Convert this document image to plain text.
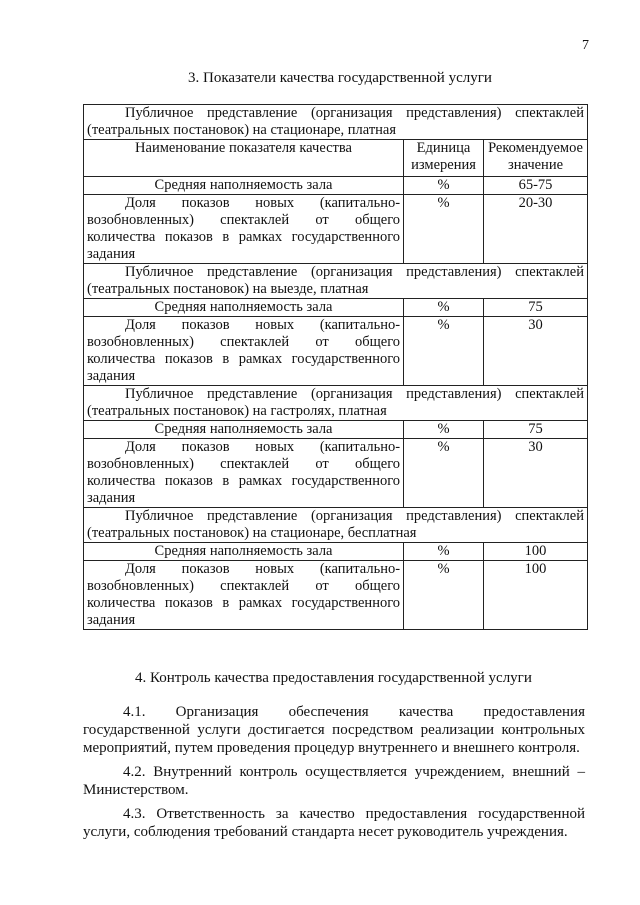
7
3. Показатели качества государственной услуги
Публичное представление (организация представления) спектаклей (театральных постановок) на стационаре, платная		
Наименование показателя качества	Единица измерения	Рекомендуемое значение
Средняя наполняемость зала	%	65-75
Доля показов новых (капитально-возобновленных) спектаклей от общего количества показов в рамках государственного задания	%	20-30
Публичное представление (организация представления) спектаклей (театральных постановок) на выезде, платная		
Средняя наполняемость зала	%	75
Доля показов новых (капитально-возобновленных) спектаклей от общего количества показов в рамках государственного задания	%	30
Публичное представление (организация представления) спектаклей (театральных постановок) на гастролях, платная		
Средняя наполняемость зала	%	75
Доля показов новых (капитально-возобновленных) спектаклей от общего количества показов в рамках государственного задания	%	30
Публичное представление (организация представления) спектаклей (театральных постановок) на стационаре, бесплатная		
Средняя наполняемость зала	%	100
Доля показов новых (капитально-возобновленных) спектаклей от общего количества показов в рамках государственного задания	%	100
4. Контроль качества предоставления государственной услуги

4.1. Организация обеспечения качества предоставления государственной услуги достигается посредством реализации контрольных мероприятий, путем проведения процедур внутреннего и внешнего контроля.

4.2. Внутренний контроль осуществляется учреждением, внешний – Министерством.

4.3. Ответственность за качество предоставления государственной услуги, соблюдения требований стандарта несет руководитель учреждения.
